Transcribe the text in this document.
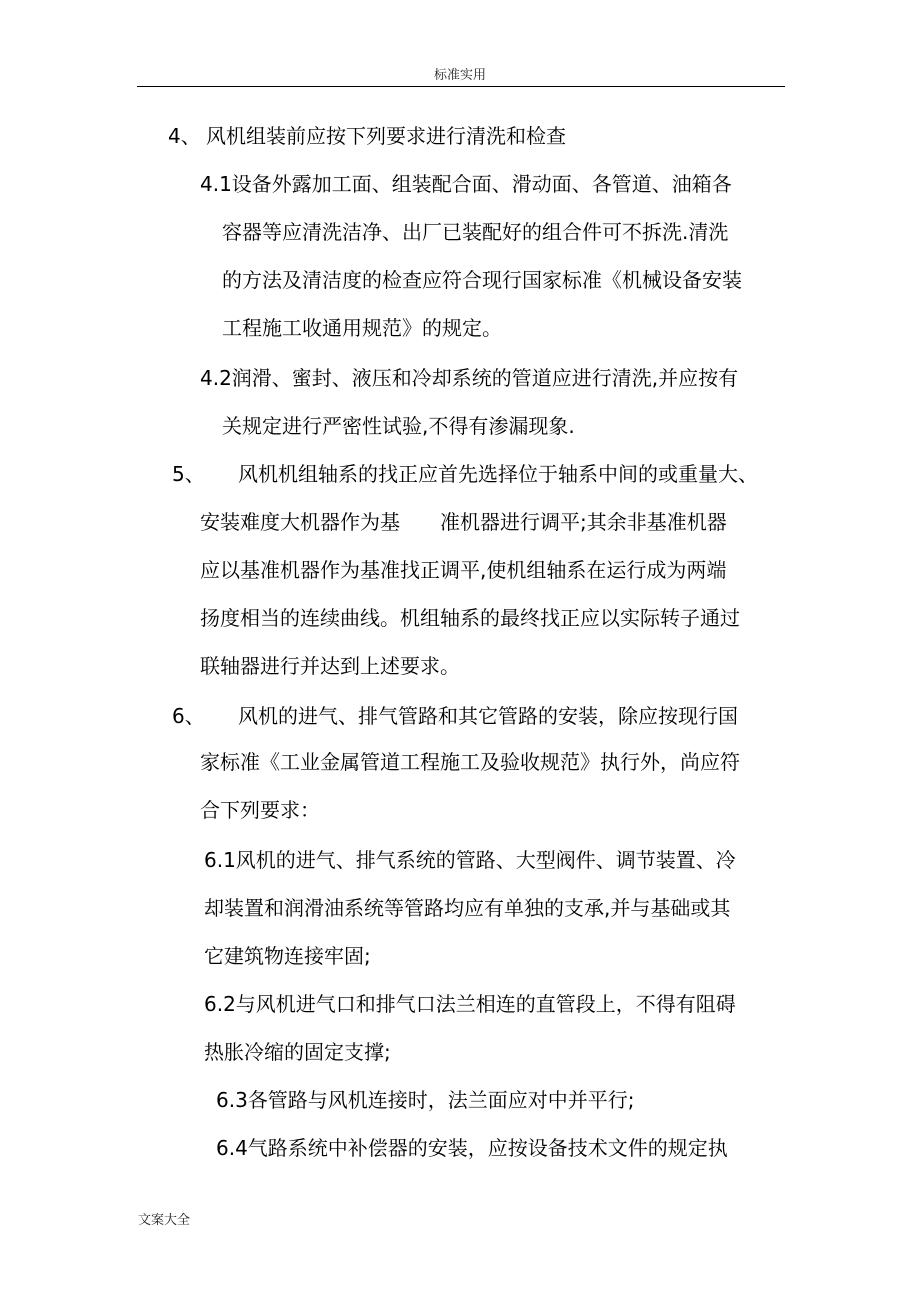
标准实用
4、 风机组装前应按下列要求进行清洗和检查
4.1设备外露加工面、组装配合面、滑动面、各管道、油箱各
容器等应清洗洁净、出厂已装配好的组合件可不拆洗.清洗
的方法及清洁度的检查应符合现行国家标准《机械设备安装
工程施工收通用规范》的规定。
4.2润滑、蜜封、液压和冷却系统的管道应进行清洗,并应按有
关规定进行严密性试验,不得有渗漏现象.
5、 风机机组轴系的找正应首先选择位于轴系中间的或重量大、
安装难度大机器作为基　　准机器进行调平;其余非基准机器
应以基准机器作为基准找正调平,使机组轴系在运行成为两端
扬度相当的连续曲线。机组轴系的最终找正应以实际转子通过
联轴器进行并达到上述要求。
6、 风机的进气、排气管路和其它管路的安装，除应按现行国
家标准《工业金属管道工程施工及验收规范》执行外，尚应符
合下列要求：
6.1风机的进气、排气系统的管路、大型阀件、调节装置、冷
却装置和润滑油系统等管路均应有单独的支承,并与基础或其
它建筑物连接牢固;
6.2与风机进气口和排气口法兰相连的直管段上，不得有阻碍
热胀冷缩的固定支撑;
6.3各管路与风机连接时，法兰面应对中并平行;
6.4气路系统中补偿器的安装，应按设备技术文件的规定执
文案大全
